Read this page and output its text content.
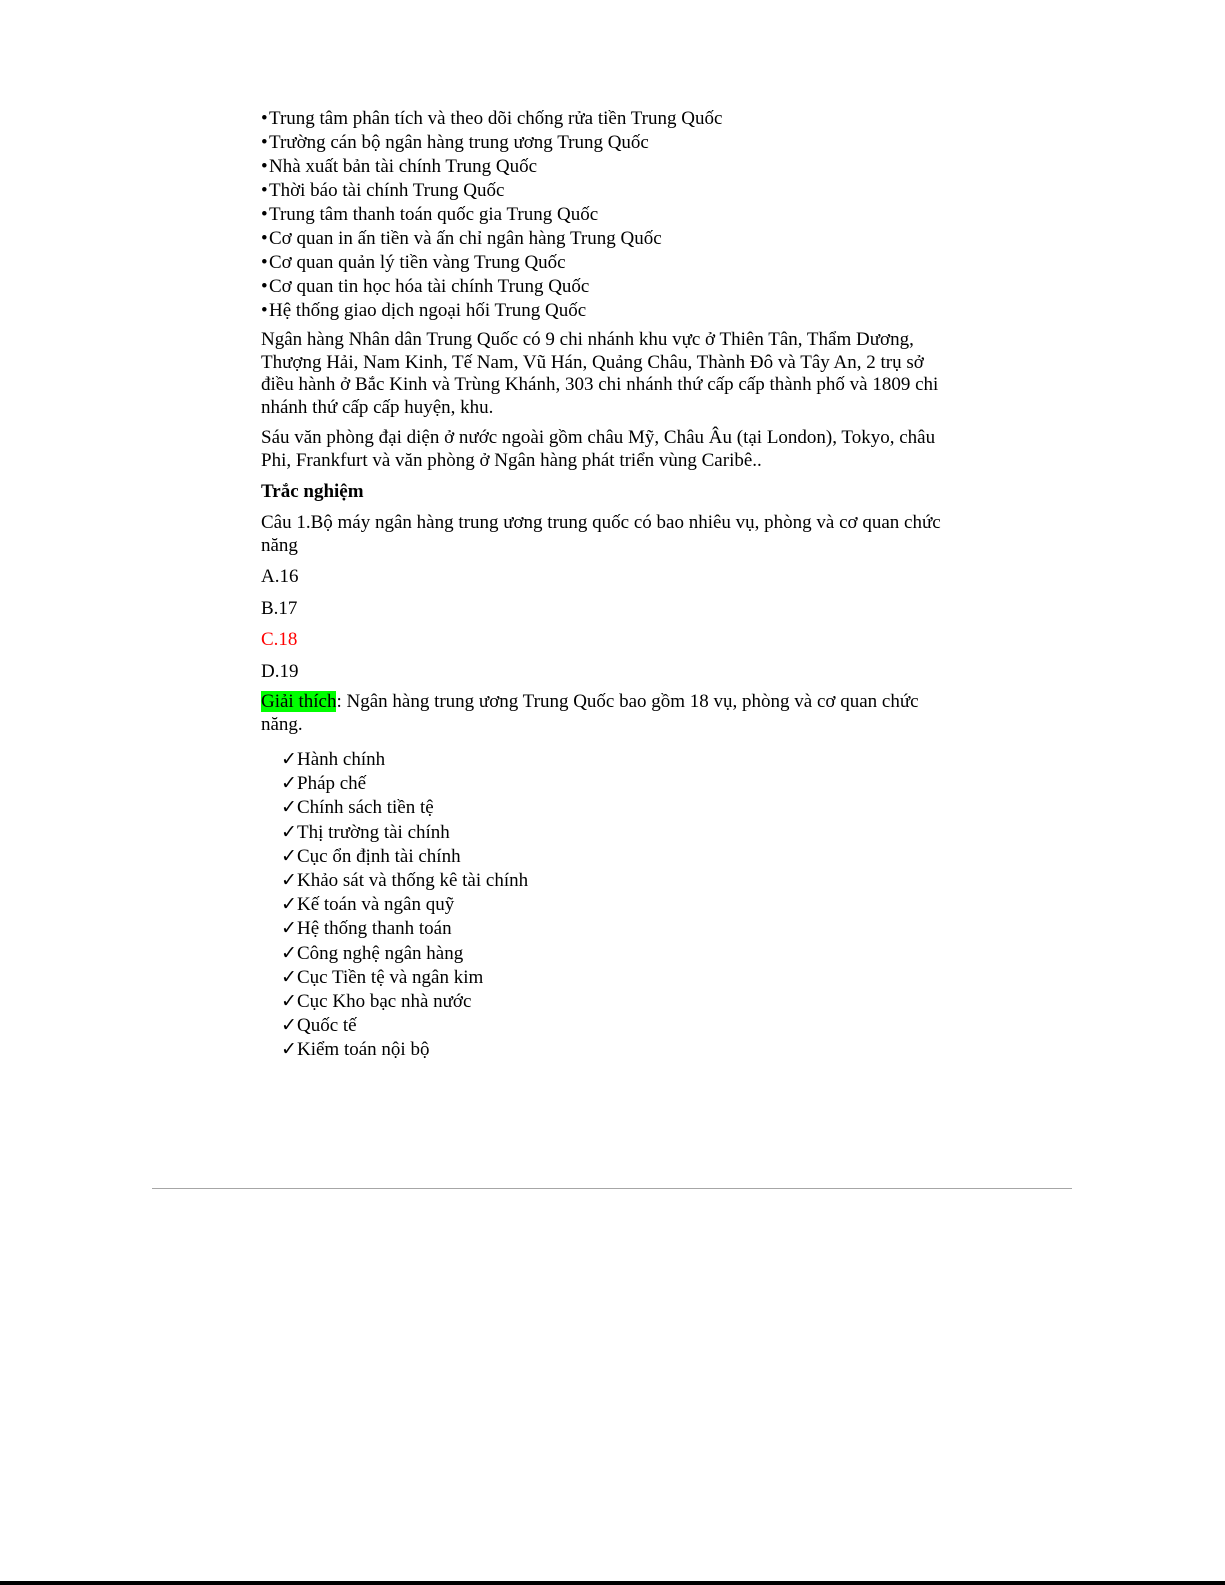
•Trung tâm phân tích và theo dõi chống rửa tiền Trung Quốc
•Trường cán bộ ngân hàng trung ương Trung Quốc
•Nhà xuất bản tài chính Trung Quốc
•Thời báo tài chính Trung Quốc
•Trung tâm thanh toán quốc gia Trung Quốc
•Cơ quan in ấn tiền và ấn chỉ ngân hàng Trung Quốc
•Cơ quan quản lý tiền vàng Trung Quốc
•Cơ quan tin học hóa tài chính Trung Quốc
•Hệ thống giao dịch ngoại hối Trung Quốc

Ngân hàng Nhân dân Trung Quốc có 9 chi nhánh khu vực ở Thiên Tân, Thẩm Dương, Thượng Hải, Nam Kinh, Tế Nam, Vũ Hán, Quảng Châu, Thành Đô và Tây An, 2 trụ sở điều hành ở Bắc Kinh và Trùng Khánh, 303 chi nhánh thứ cấp cấp thành phố và 1809 chi nhánh thứ cấp cấp huyện, khu.

Sáu văn phòng đại diện ở nước ngoài gồm châu Mỹ, Châu Âu (tại London), Tokyo, châu Phi, Frankfurt và văn phòng ở Ngân hàng phát triển vùng Caribê..

Trắc nghiệm

Câu 1.Bộ máy ngân hàng trung ương trung quốc có bao nhiêu vụ, phòng và cơ quan chức năng

A.16

B.17

C.18

D.19

Giải thích: Ngân hàng trung ương Trung Quốc bao gồm 18 vụ, phòng và cơ quan chức năng.

✓Hành chính
✓Pháp chế
✓Chính sách tiền tệ
✓Thị trường tài chính
✓Cục ổn định tài chính
✓Khảo sát và thống kê tài chính
✓Kế toán và ngân quỹ
✓Hệ thống thanh toán
✓Công nghệ ngân hàng
✓Cục Tiền tệ và ngân kim
✓Cục Kho bạc nhà nước
✓Quốc tế
✓Kiểm toán nội bộ
